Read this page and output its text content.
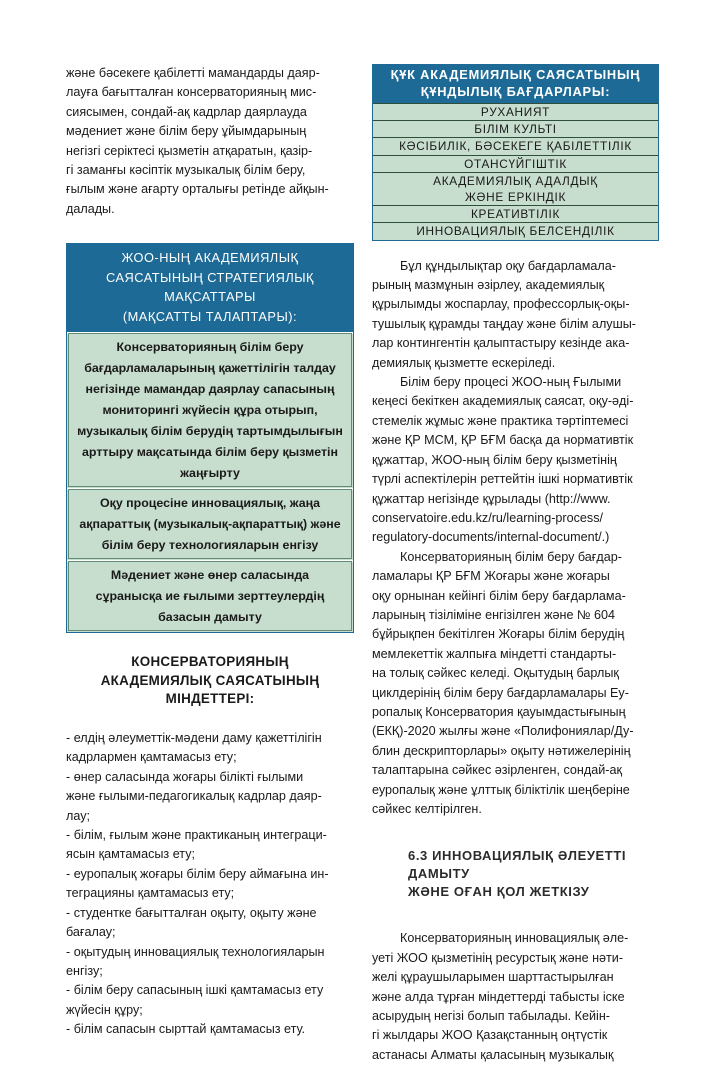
және бәсекеге қабілетті мамандарды даяр-
лауға бағытталған консерваторияның мис-
сиясымен, сондай-ақ кадрлар даярлауда
мәдениет және білім беру ұйымдарының
негізгі серіктесі қызметін атқаратын, қазір-
гі заманғы кәсіптік музыкалық білім беру,
ғылым және ағарту орталығы ретінде айқын-
далады.
ЖОО-НЫҢ АКАДЕМИЯЛЫҚ
САЯСАТЫНЫҢ СТРАТЕГИЯЛЫҚ
МАҚСАТТАРЫ
(МАҚСАТТЫ ТАЛАПТАРЫ):
Консерваторияның білім беру бағдарламаларының қажеттілігін талдау негізінде мамандар даярлау сапасының мониторингі жүйесін құра отырып, музыкалық білім берудің тартымдылығын арттыру мақсатында білім беру қызметін жаңғырту
Оқу процесіне инновациялық, жаңа ақпараттық (музыкалық-ақпараттық) және білім беру технологияларын енгізу
Мәдениет және өнер саласында сұранысқа ие ғылыми зерттеулердің базасын дамыту
КОНСЕРВАТОРИЯНЫҢ
АКАДЕМИЯЛЫҚ САЯСАТЫНЫҢ
МІНДЕТТЕРІ:

- елдің әлеуметтік-мәдени даму қажеттілігін

кадрлармен қамтамасыз ету;

- өнер саласында жоғары білікті ғылыми

және ғылыми-педагогикалық кадрлар даяр-

лау;

- білім, ғылым және практиканың интеграци-

ясын қамтамасыз ету;

- еуропалық жоғары білім беру аймағына ин-

теграцияны қамтамасыз ету;

- студентке бағытталған оқыту, оқыту және

бағалау;

- оқытудың инновациялық технологияларын

енгізу;

- білім беру сапасының ішкі қамтамасыз ету

жүйесін құру;

- білім сапасын сырттай қамтамасыз ету.

ҚҰК АКАДЕМИЯЛЫҚ САЯСАТЫНЫҢ
ҚҰНДЫЛЫҚ БАҒДАРЛАРЫ:
РУХАНИЯТ
БІЛІМ КУЛЬТІ
КӘСІБИЛІК, БӘСЕКЕГЕ ҚАБІЛЕТТІЛІК
ОТАНСҮЙГІШТІК
АКАДЕМИЯЛЫҚ АДАЛДЫҚ
ЖӘНЕ ЕРКІНДІК
КРЕАТИВТІЛІК
ИННОВАЦИЯЛЫҚ БЕЛСЕНДІЛІК
Бұл құндылықтар оқу бағдарламала-
рының мазмұнын әзірлеу, академиялық
құрылымды жоспарлау, профессорлық-оқы-
тушылық құрамды таңдау және білім алушы-
лар контингентін қалыптастыру кезінде ака-
демиялық қызметте ескеріледі.
Білім беру процесі ЖОО-ның Ғылыми
кеңесі бекіткен академиялық саясат, оқу-әді-
стемелік жұмыс және практика тәртіптемесі
және ҚР МСМ, ҚР БҒМ басқа да нормативтік
құжаттар, ЖОО-ның білім беру қызметінің
түрлі аспектілерін реттейтін ішкі нормативтік
құжаттар негізінде құрылады (http://www.
conservatoire.edu.kz/ru/learning-process/
regulatory-documents/internal-document/.)
Консерваторияның білім беру бағдар-
ламалары ҚР БҒМ Жоғары және жоғары
оқу орнынан кейінгі білім беру бағдарлама-
ларының тізіліміне енгізілген және № 604
бұйрықпен бекітілген Жоғары білім берудің
мемлекеттік жалпыға міндетті стандарты-
на толық сәйкес келеді. Оқытудың барлық
циклдерінің білім беру бағдарламалары Еу-
ропалық Консерватория қауымдастығының
(ЕКҚ)-2020 жылғы және «Полифониялар/Ду-
блин дескрипторлары» оқыту нәтижелерінің
талаптарына сәйкес әзірленген, сондай-ақ
еуропалық және ұлттық біліктілік шеңберіне
сәйкес келтірілген.
6.3 ИННОВАЦИЯЛЫҚ ӘЛЕУЕТТІ ДАМЫТУ
ЖӘНЕ ОҒАН ҚОЛ ЖЕТКІЗУ
Консерваторияның инновациялық әле-
уеті ЖОО қызметінің ресурстық және нәти-
желі құраушыларымен шарттастырылған
және алда тұрған міндеттерді табысты іске
асырудың негізі болып табылады. Кейін-
гі жылдары ЖОО Қазақстанның оңтүстік
астанасы Алматы қаласының музыкалық
